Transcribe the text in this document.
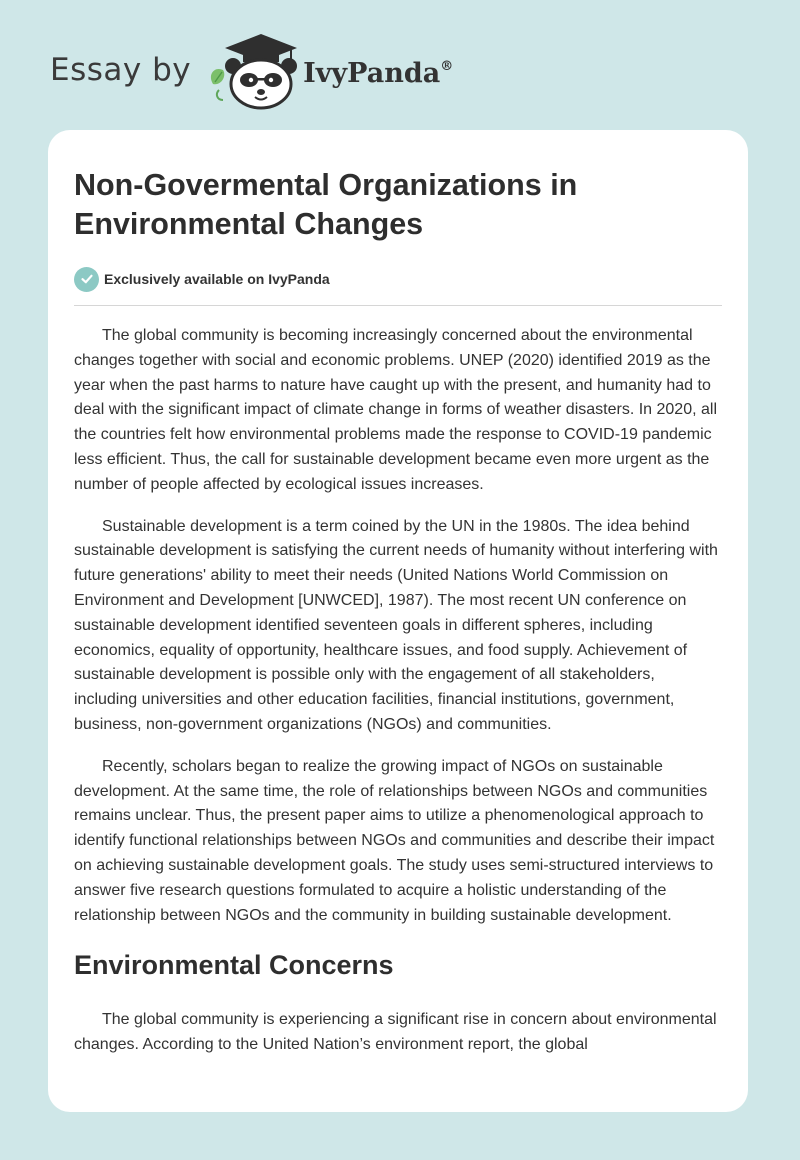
Essay by	IvyPanda®
Non-Govermental Organizations in Environmental Changes
Exclusively available on IvyPanda

The global community is becoming increasingly concerned about the environmental changes together with social and economic problems. UNEP (2020) identified 2019 as the year when the past harms to nature have caught up with the present, and humanity had to deal with the significant impact of climate change in forms of weather disasters. In 2020, all the countries felt how environmental problems made the response to COVID-19 pandemic less efficient. Thus, the call for sustainable development became even more urgent as the number of people affected by ecological issues increases.

Sustainable development is a term coined by the UN in the 1980s. The idea behind sustainable development is satisfying the current needs of humanity without interfering with future generations' ability to meet their needs (United Nations World Commission on Environment and Development [UNWCED], 1987). The most recent UN conference on sustainable development identified seventeen goals in different spheres, including economics, equality of opportunity, healthcare issues, and food supply. Achievement of sustainable development is possible only with the engagement of all stakeholders, including universities and other education facilities, financial institutions, government, business, non-government organizations (NGOs) and communities.

Recently, scholars began to realize the growing impact of NGOs on sustainable development. At the same time, the role of relationships between NGOs and communities remains unclear. Thus, the present paper aims to utilize a phenomenological approach to identify functional relationships between NGOs and communities and describe their impact on achieving sustainable development goals. The study uses semi-structured interviews to answer five research questions formulated to acquire a holistic understanding of the relationship between NGOs and the community in building sustainable development.

Environmental Concerns

The global community is experiencing a significant rise in concern about environmental changes. According to the United Nation’s environment report, the global
